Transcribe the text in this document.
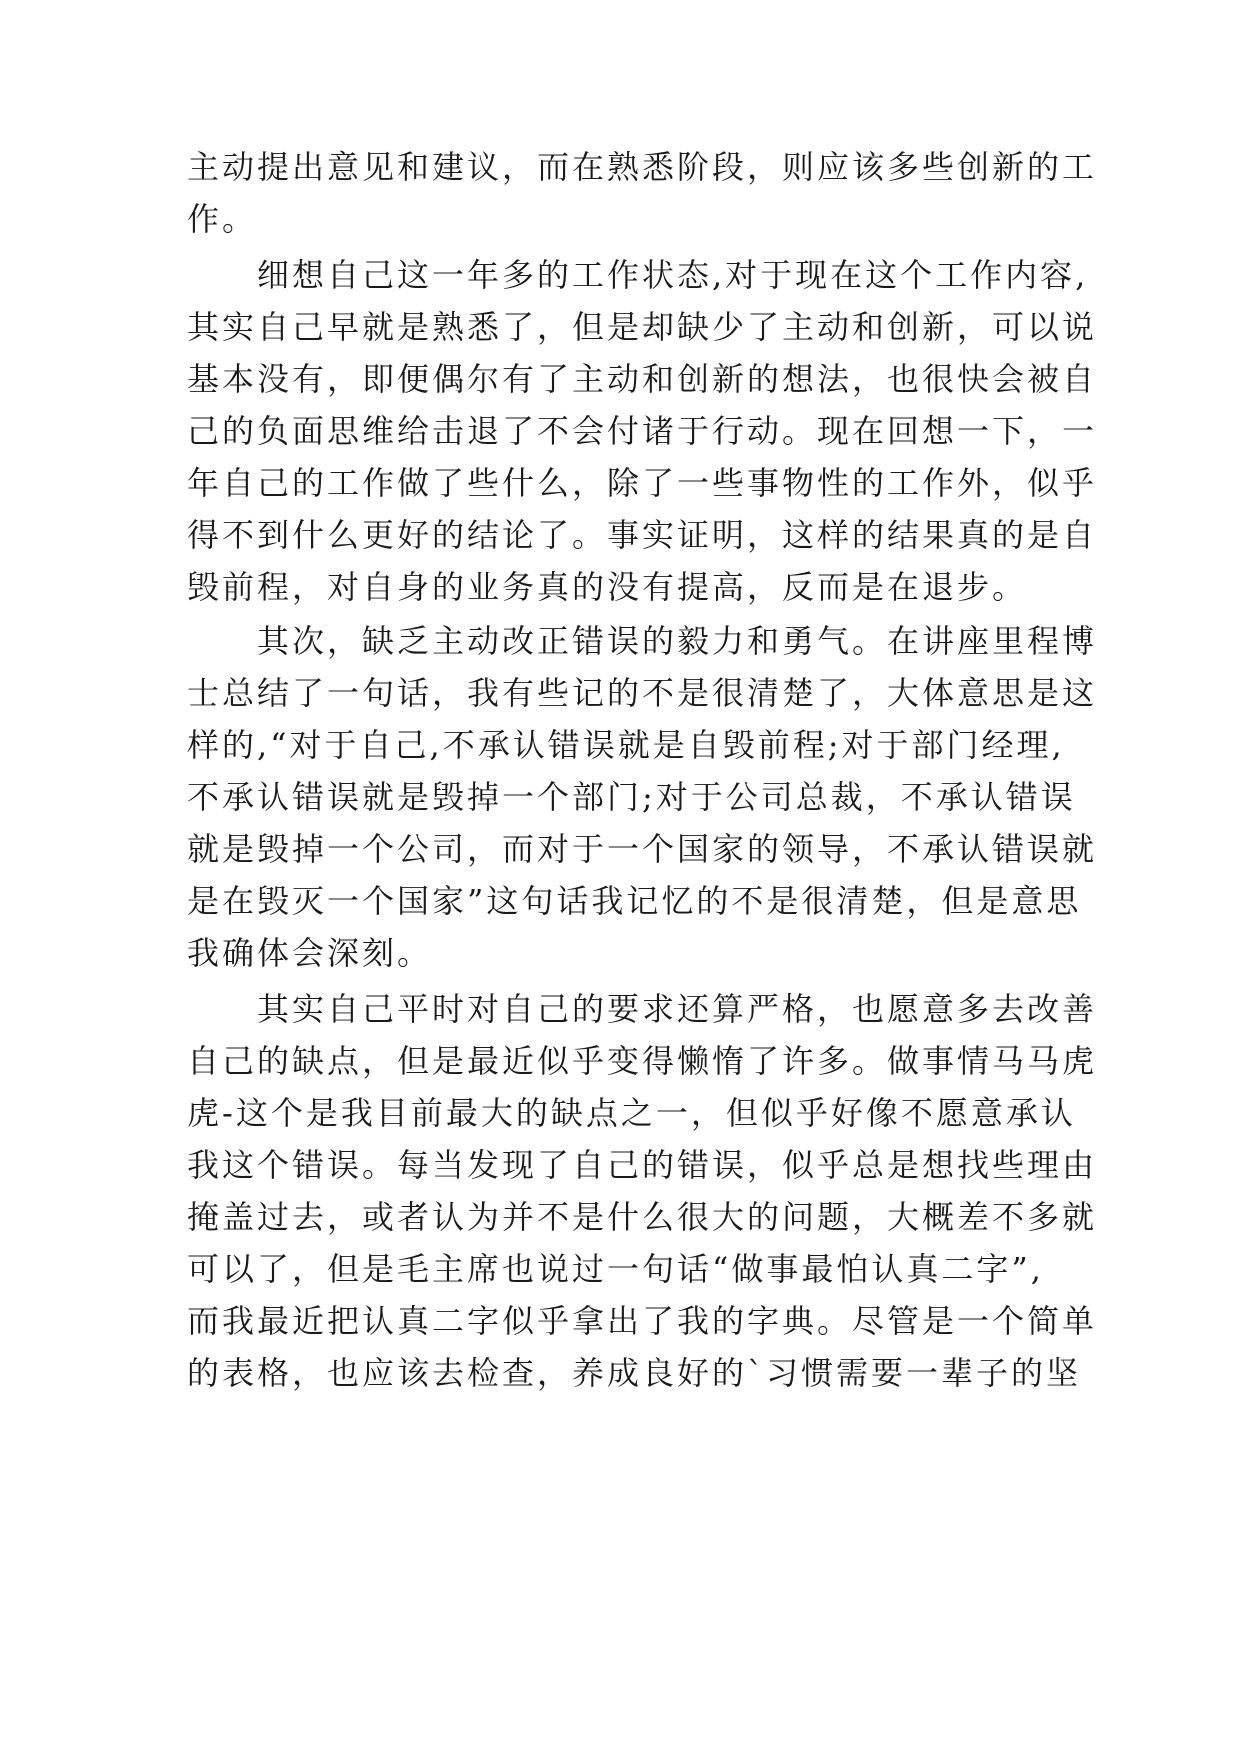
主动提出意见和建议，而在熟悉阶段，则应该多些创新的工
作。
细想自己这一年多的工作状态,对于现在这个工作内容,
其实自己早就是熟悉了，但是却缺少了主动和创新，可以说
基本没有，即便偶尔有了主动和创新的想法，也很快会被自
己的负面思维给击退了不会付诸于行动。现在回想一下，一
年自己的工作做了些什么，除了一些事物性的工作外，似乎
得不到什么更好的结论了。事实证明，这样的结果真的是自
毁前程，对自身的业务真的没有提高，反而是在退步。
其次，缺乏主动改正错误的毅力和勇气。在讲座里程博
士总结了一句话，我有些记的不是很清楚了，大体意思是这
样的,“对于自己,不承认错误就是自毁前程;对于部门经理,
不承认错误就是毁掉一个部门;对于公司总裁，不承认错误
就是毁掉一个公司，而对于一个国家的领导，不承认错误就
是在毁灭一个国家”这句话我记忆的不是很清楚，但是意思
我确体会深刻。
其实自己平时对自己的要求还算严格，也愿意多去改善
自己的缺点，但是最近似乎变得懒惰了许多。做事情马马虎
虎-这个是我目前最大的缺点之一，但似乎好像不愿意承认
我这个错误。每当发现了自己的错误，似乎总是想找些理由
掩盖过去，或者认为并不是什么很大的问题，大概差不多就
可以了，但是毛主席也说过一句话“做事最怕认真二字”,
而我最近把认真二字似乎拿出了我的字典。尽管是一个简单
的表格，也应该去检查，养成良好的`习惯需要一辈子的坚
